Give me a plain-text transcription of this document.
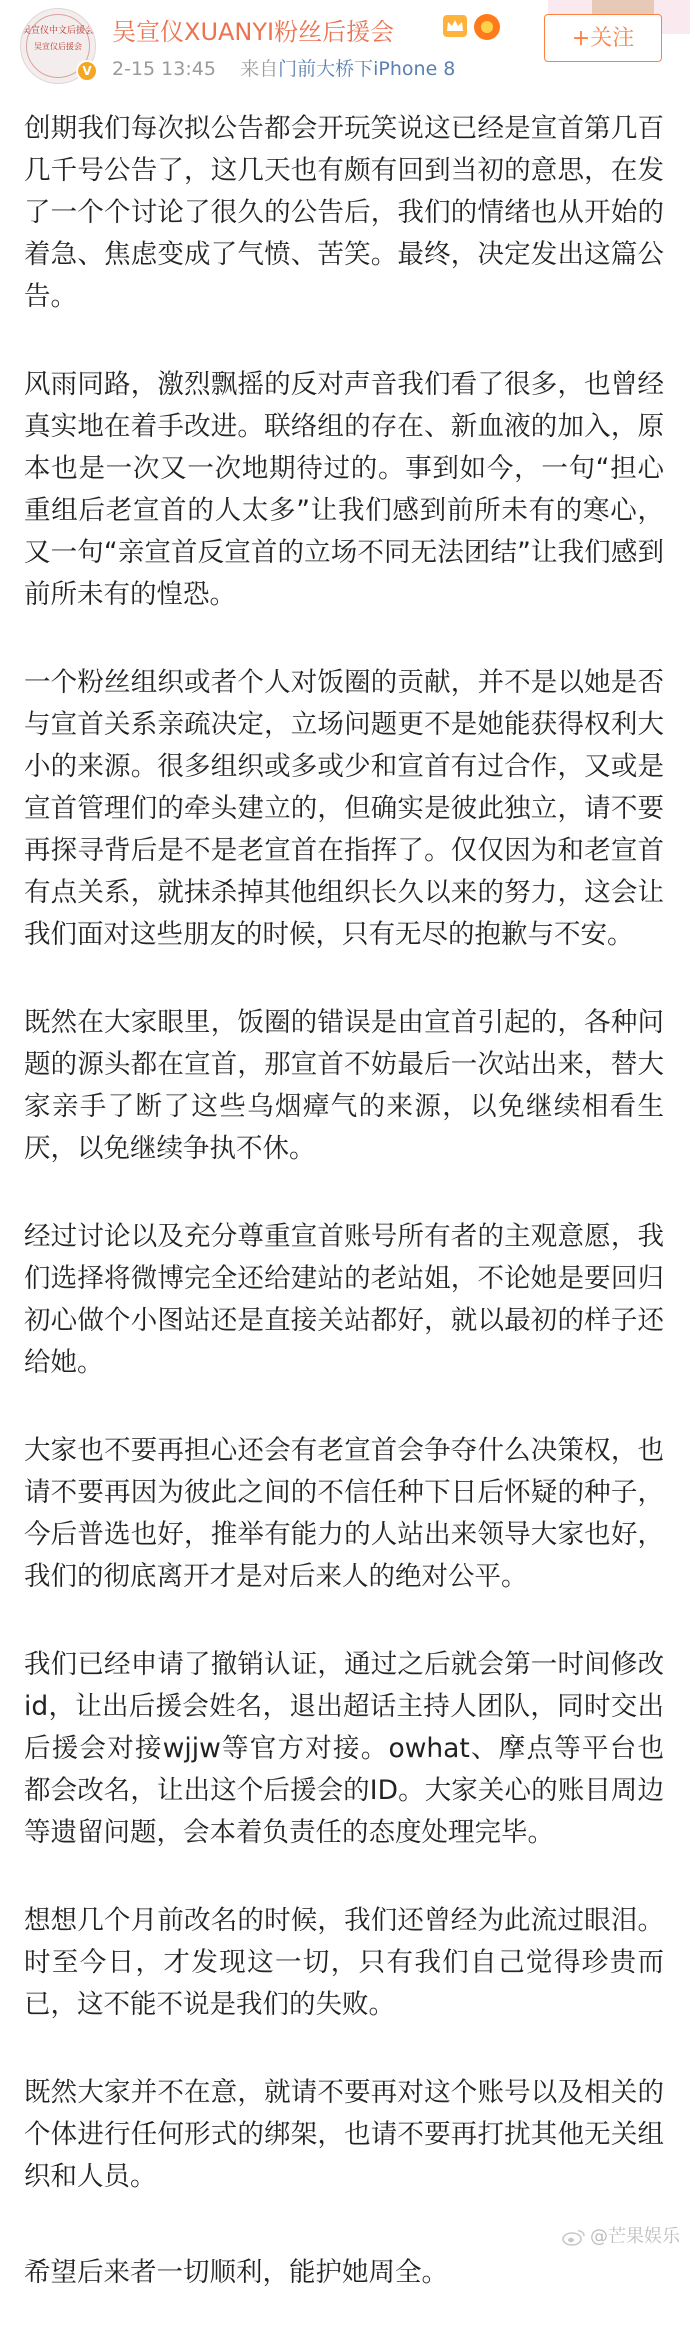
吴宣仪中文后援会
吴宣仪后援会
V
吴宣仪XUANYI粉丝后援会
2-15 13:45 来自门前大桥下iPhone 8
+关注

创期我们每次拟公告都会开玩笑说这已经是宣首第几百几千号公告了，这几天也有颇有回到当初的意思，在发了一个个讨论了很久的公告后，我们的情绪也从开始的着急、焦虑变成了气愤、苦笑。最终，决定发出这篇公告。

风雨同路，激烈飘摇的反对声音我们看了很多，也曾经真实地在着手改进。联络组的存在、新血液的加入，原本也是一次又一次地期待过的。事到如今，一句“担心重组后老宣首的人太多”让我们感到前所未有的寒心，又一句“亲宣首反宣首的立场不同无法团结”让我们感到前所未有的惶恐。

一个粉丝组织或者个人对饭圈的贡献，并不是以她是否与宣首关系亲疏决定，立场问题更不是她能获得权利大小的来源。很多组织或多或少和宣首有过合作，又或是宣首管理们的牵头建立的，但确实是彼此独立，请不要再探寻背后是不是老宣首在指挥了。仅仅因为和老宣首有点关系，就抹杀掉其他组织长久以来的努力，这会让我们面对这些朋友的时候，只有无尽的抱歉与不安。

既然在大家眼里，饭圈的错误是由宣首引起的，各种问题的源头都在宣首，那宣首不妨最后一次站出来，替大家亲手了断了这些乌烟瘴气的来源，以免继续相看生厌，以免继续争执不休。

经过讨论以及充分尊重宣首账号所有者的主观意愿，我们选择将微博完全还给建站的老站姐，不论她是要回归初心做个小图站还是直接关站都好，就以最初的样子还给她。

大家也不要再担心还会有老宣首会争夺什么决策权，也请不要再因为彼此之间的不信任种下日后怀疑的种子，今后普选也好，推举有能力的人站出来领导大家也好，我们的彻底离开才是对后来人的绝对公平。

我们已经申请了撤销认证，通过之后就会第一时间修改id，让出后援会姓名，退出超话主持人团队，同时交出后援会对接wjjw等官方对接。owhat、摩点等平台也都会改名，让出这个后援会的ID。大家关心的账目周边等遗留问题，会本着负责任的态度处理完毕。

想想几个月前改名的时候，我们还曾经为此流过眼泪。时至今日，才发现这一切，只有我们自己觉得珍贵而已，这不能不说是我们的失败。

既然大家并不在意，就请不要再对这个账号以及相关的个体进行任何形式的绑架，也请不要再打扰其他无关组织和人员。

希望后来者一切顺利，能护她周全。

@芒果娱乐
